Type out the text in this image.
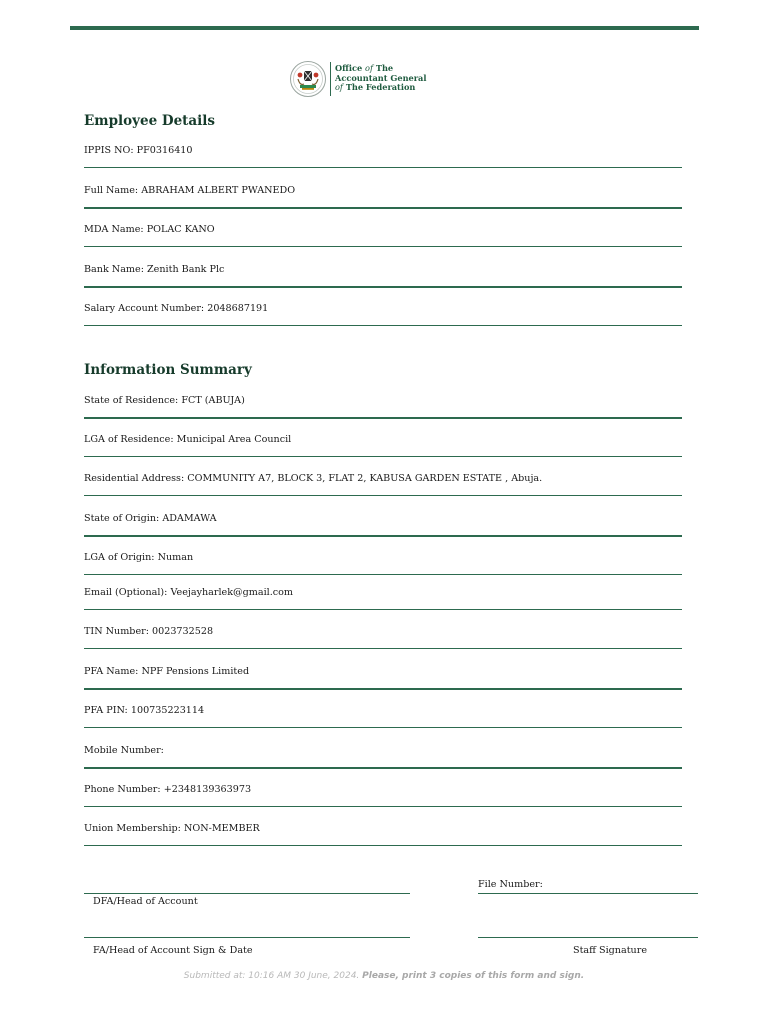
Office of The
Accountant General
of The Federation
Employee Details
IPPIS NO: PF0316410
Full Name: ABRAHAM ALBERT PWANEDO
MDA Name: POLAC KANO
Bank Name: Zenith Bank Plc
Salary Account Number: 2048687191
Information Summary
State of Residence: FCT (ABUJA)
LGA of Residence: Municipal Area Council
Residential Address: COMMUNITY A7, BLOCK 3, FLAT 2, KABUSA GARDEN ESTATE , Abuja.
State of Origin: ADAMAWA
LGA of Origin: Numan
Email (Optional): Veejayharlek@gmail.com
TIN Number: 0023732528
PFA Name: NPF Pensions Limited
PFA PIN: 100735223114
Mobile Number:
Phone Number: +2348139363973
Union Membership: NON-MEMBER
File Number:
DFA/Head of Account
FA/Head of Account Sign & Date	Staff Signature
Submitted at: 10:16 AM 30 June, 2024. Please, print 3 copies of this form and sign.
